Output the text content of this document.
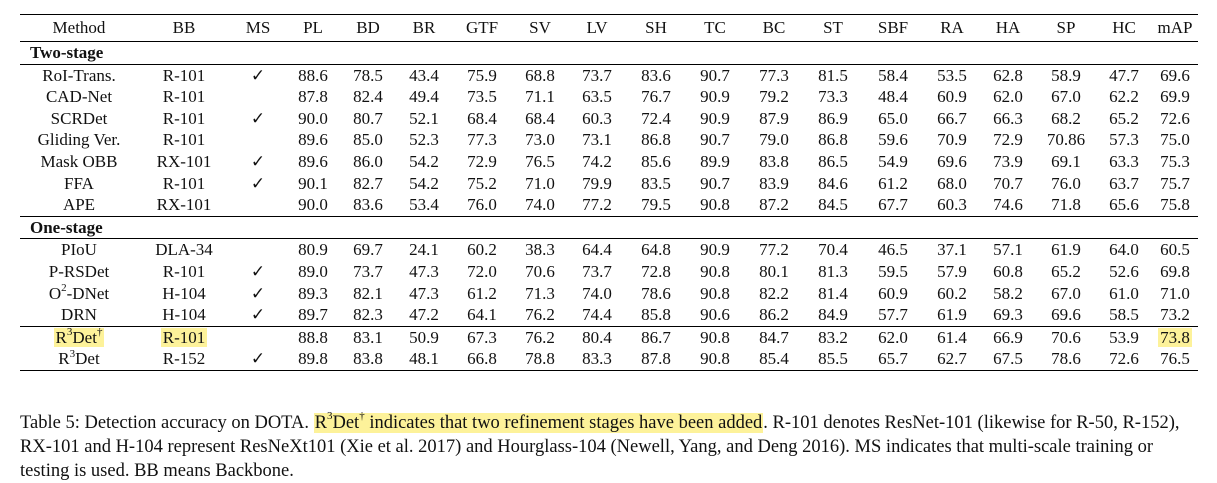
Method	BB	MS	PL	BD	BR	GTF	SV	LV	SH	TC	BC	ST	SBF	RA	HA	SP	HC	mAP
Two-stage																		
RoI-Trans.	R-101	✓	88.6	78.5	43.4	75.9	68.8	73.7	83.6	90.7	77.3	81.5	58.4	53.5	62.8	58.9	47.7	69.6
CAD-Net	R-101		87.8	82.4	49.4	73.5	71.1	63.5	76.7	90.9	79.2	73.3	48.4	60.9	62.0	67.0	62.2	69.9
SCRDet	R-101	✓	90.0	80.7	52.1	68.4	68.4	60.3	72.4	90.9	87.9	86.9	65.0	66.7	66.3	68.2	65.2	72.6
Gliding Ver.	R-101		89.6	85.0	52.3	77.3	73.0	73.1	86.8	90.7	79.0	86.8	59.6	70.9	72.9	70.86	57.3	75.0
Mask OBB	RX-101	✓	89.6	86.0	54.2	72.9	76.5	74.2	85.6	89.9	83.8	86.5	54.9	69.6	73.9	69.1	63.3	75.3
FFA	R-101	✓	90.1	82.7	54.2	75.2	71.0	79.9	83.5	90.7	83.9	84.6	61.2	68.0	70.7	76.0	63.7	75.7
APE	RX-101		90.0	83.6	53.4	76.0	74.0	77.2	79.5	90.8	87.2	84.5	67.7	60.3	74.6	71.8	65.6	75.8
One-stage																		
PIoU	DLA-34		80.9	69.7	24.1	60.2	38.3	64.4	64.8	90.9	77.2	70.4	46.5	37.1	57.1	61.9	64.0	60.5
P-RSDet	R-101	✓	89.0	73.7	47.3	72.0	70.6	73.7	72.8	90.8	80.1	81.3	59.5	57.9	60.8	65.2	52.6	69.8
$O^2$-DNet	H-104	✓	89.3	82.1	47.3	61.2	71.3	74.0	78.6	90.8	82.2	81.4	60.9	60.2	58.2	67.0	61.0	71.0
DRN	H-104	✓	89.7	82.3	47.2	64.1	76.2	74.4	85.8	90.6	86.2	84.9	57.7	61.9	69.3	69.6	58.5	73.2
$R^3Det^\dagger$	R-101		88.8	83.1	50.9	67.3	76.2	80.4	86.7	90.8	84.7	83.2	62.0	61.4	66.9	70.6	53.9	73.8
$R^3Det$	R-152	✓	89.8	83.8	48.1	66.8	78.8	83.3	87.8	90.8	85.4	85.5	65.7	62.7	67.5	78.6	72.6	76.5

Table 5: Detection accuracy on DOTA. $R^3Det^\dagger$ indicates that two refinement stages have been added. R-101 denotes ResNet-101 (likewise for R-50, R-152), RX-101 and H-104 represent ResNeXt101 (Xie et al. 2017) and Hourglass-104 (Newell, Yang, and Deng 2016). MS indicates that multi-scale training or testing is used. BB means Backbone.
